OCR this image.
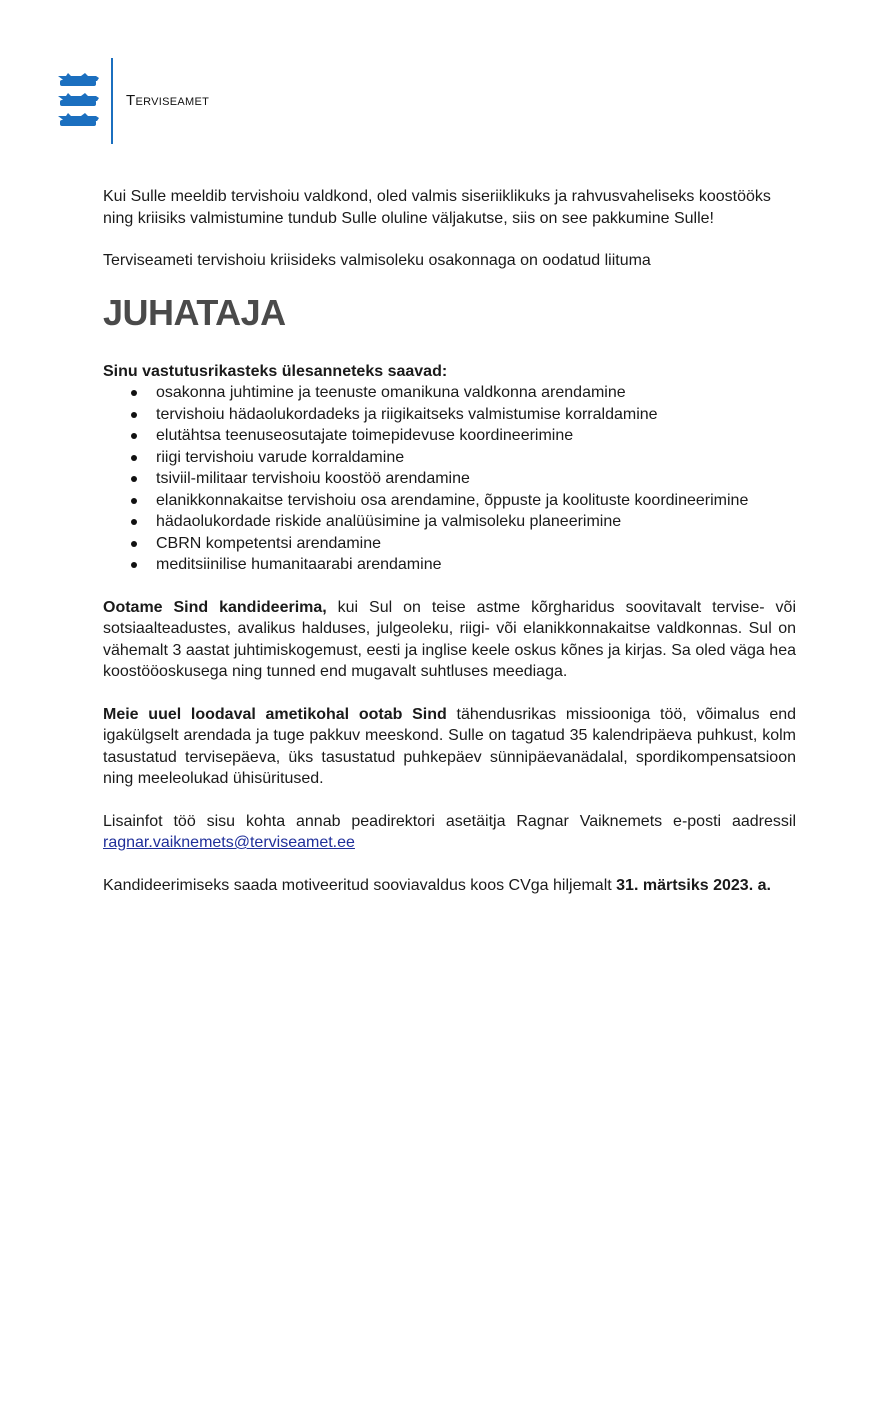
Terviseamet

Kui Sulle meeldib tervishoiu valdkond, oled valmis siseriiklikuks ja rahvusvaheliseks koostööks ning kriisiks valmistumine tundub Sulle oluline väljakutse, siis on see pakkumine Sulle!

Terviseameti tervishoiu kriisideks valmisoleku osakonnaga on oodatud liituma

JUHATAJA

Sinu vastutusrikasteks ülesanneteks saavad:

osakonna juhtimine ja teenuste omanikuna valdkonna arendamine
tervishoiu hädaolukordadeks ja riigikaitseks valmistumise korraldamine
elutähtsa teenuseosutajate toimepidevuse koordineerimine
riigi tervishoiu varude korraldamine
tsiviil-militaar tervishoiu koostöö arendamine
elanikkonnakaitse tervishoiu osa arendamine, õppuste ja koolituste koordineerimine
hädaolukordade riskide analüüsimine ja valmisoleku planeerimine
CBRN kompetentsi arendamine
meditsiinilise humanitaarabi arendamine

Ootame Sind kandideerima, kui Sul on teise astme kõrgharidus soovitavalt tervise- või sotsiaalteadustes, avalikus halduses, julgeoleku, riigi- või elanikkonnakaitse valdkonnas. Sul on vähemalt 3 aastat juhtimiskogemust, eesti ja inglise keele oskus kõnes ja kirjas. Sa oled väga hea koostööoskusega ning tunned end mugavalt suhtluses meediaga.

Meie uuel loodaval ametikohal ootab Sind tähendusrikas missiooniga töö, võimalus end igakülgselt arendada ja tuge pakkuv meeskond. Sulle on tagatud 35 kalendripäeva puhkust, kolm tasustatud tervisepäeva, üks tasustatud puhkepäev sünnipäevanädalal, spordikompensatsioon ning meeleolukad ühisüritused.

Lisainfot töö sisu kohta annab peadirektori asetäitja Ragnar Vaiknemets e-posti aadressil ragnar.vaiknemets@terviseamet.ee

Kandideerimiseks saada motiveeritud sooviavaldus koos CVga hiljemalt 31. märtsiks 2023. a.
